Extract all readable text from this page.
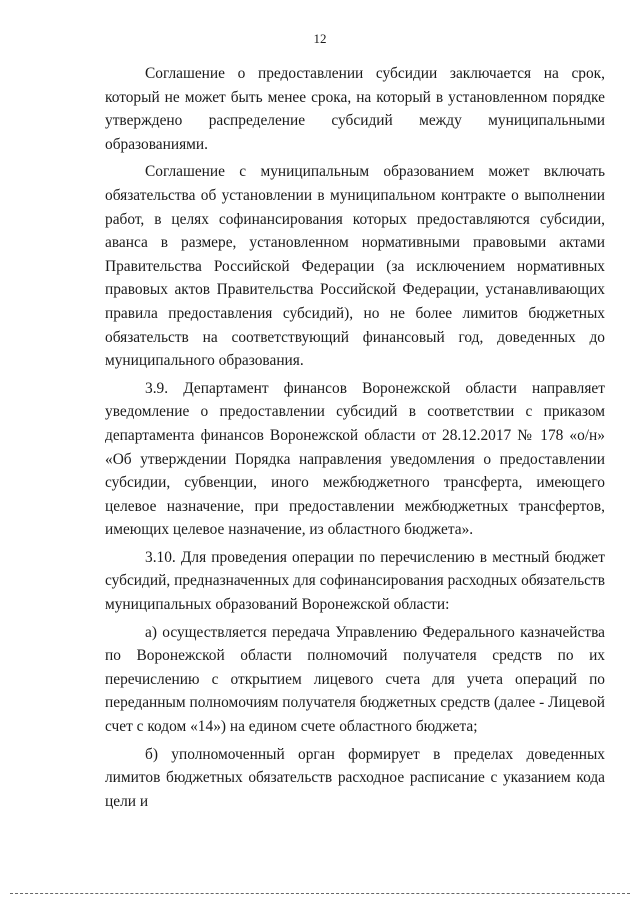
12

Соглашение о предоставлении субсидии заключается на срок, который не может быть менее срока, на который в установленном порядке утверждено распределение субсидий между муниципальными образованиями.

Соглашение с муниципальным образованием может включать обязательства об установлении в муниципальном контракте о выполнении работ, в целях софинансирования которых предоставляются субсидии, аванса в размере, установленном нормативными правовыми актами Правительства Российской Федерации (за исключением нормативных правовых актов Правительства Российской Федерации, устанавливающих правила предоставления субсидий), но не более лимитов бюджетных обязательств на соответствующий финансовый год, доведенных до муниципального образования.

3.9. Департамент финансов Воронежской области направляет уведомление о предоставлении субсидий в соответствии с приказом департамента финансов Воронежской области от 28.12.2017 № 178 «о/н» «Об утверждении Порядка направления уведомления о предоставлении субсидии, субвенции, иного межбюджетного трансферта, имеющего целевое назначение, при предоставлении межбюджетных трансфертов, имеющих целевое назначение, из областного бюджета».

3.10. Для проведения операции по перечислению в местный бюджет субсидий, предназначенных для софинансирования расходных обязательств муниципальных образований Воронежской области:

а) осуществляется передача Управлению Федерального казначейства по Воронежской области полномочий получателя средств по их перечислению с открытием лицевого счета для учета операций по переданным полномочиям получателя бюджетных средств (далее - Лицевой счет с кодом «14») на едином счете областного бюджета;

б) уполномоченный орган формирует в пределах доведенных лимитов бюджетных обязательств расходное расписание с указанием кода цели и
